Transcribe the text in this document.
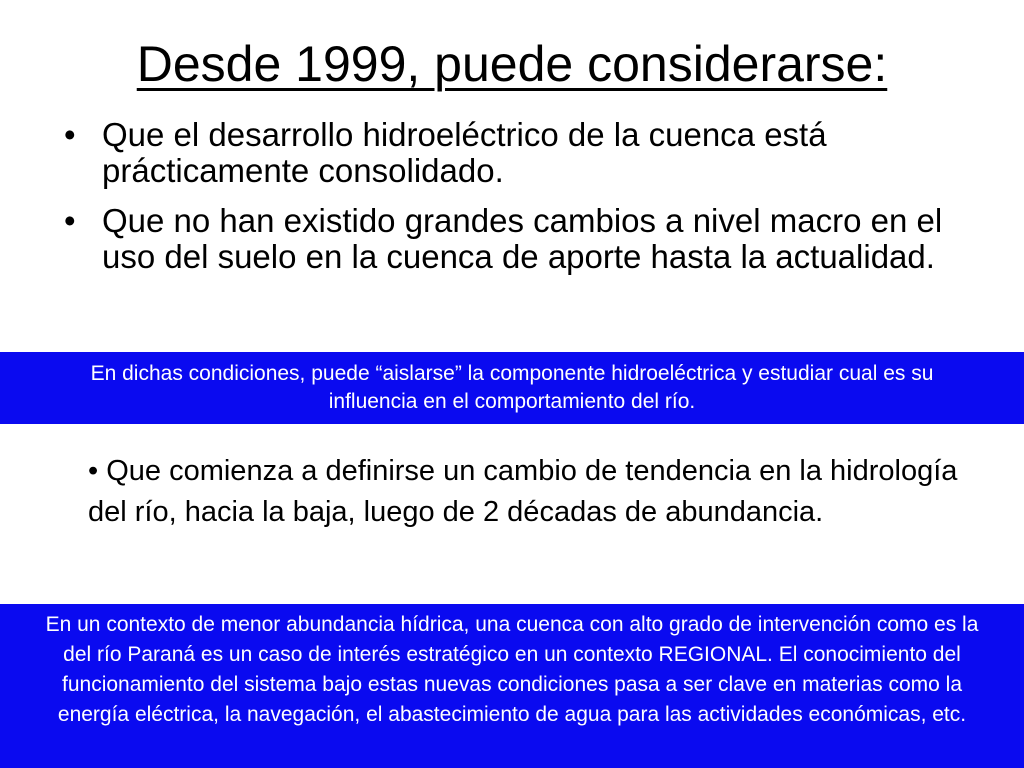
Desde 1999, puede considerarse:
• Que el desarrollo hidroeléctrico de la cuenca está prácticamente consolidado.
• Que no han existido grandes cambios a nivel macro en el uso del suelo en la cuenca de aporte hasta la actualidad.
En dichas condiciones, puede “aislarse” la componente hidroeléctrica y estudiar cual es su influencia en el comportamiento del río.
• Que comienza a definirse un cambio de tendencia en la hidrología del río, hacia la baja, luego de 2 décadas de abundancia.
En un contexto de menor abundancia hídrica, una cuenca con alto grado de intervención como es la del río Paraná es un caso de interés estratégico en un contexto REGIONAL. El conocimiento del funcionamiento del sistema bajo estas nuevas condiciones pasa a ser clave en materias como la energía eléctrica, la navegación, el abastecimiento de agua para las actividades económicas, etc.
